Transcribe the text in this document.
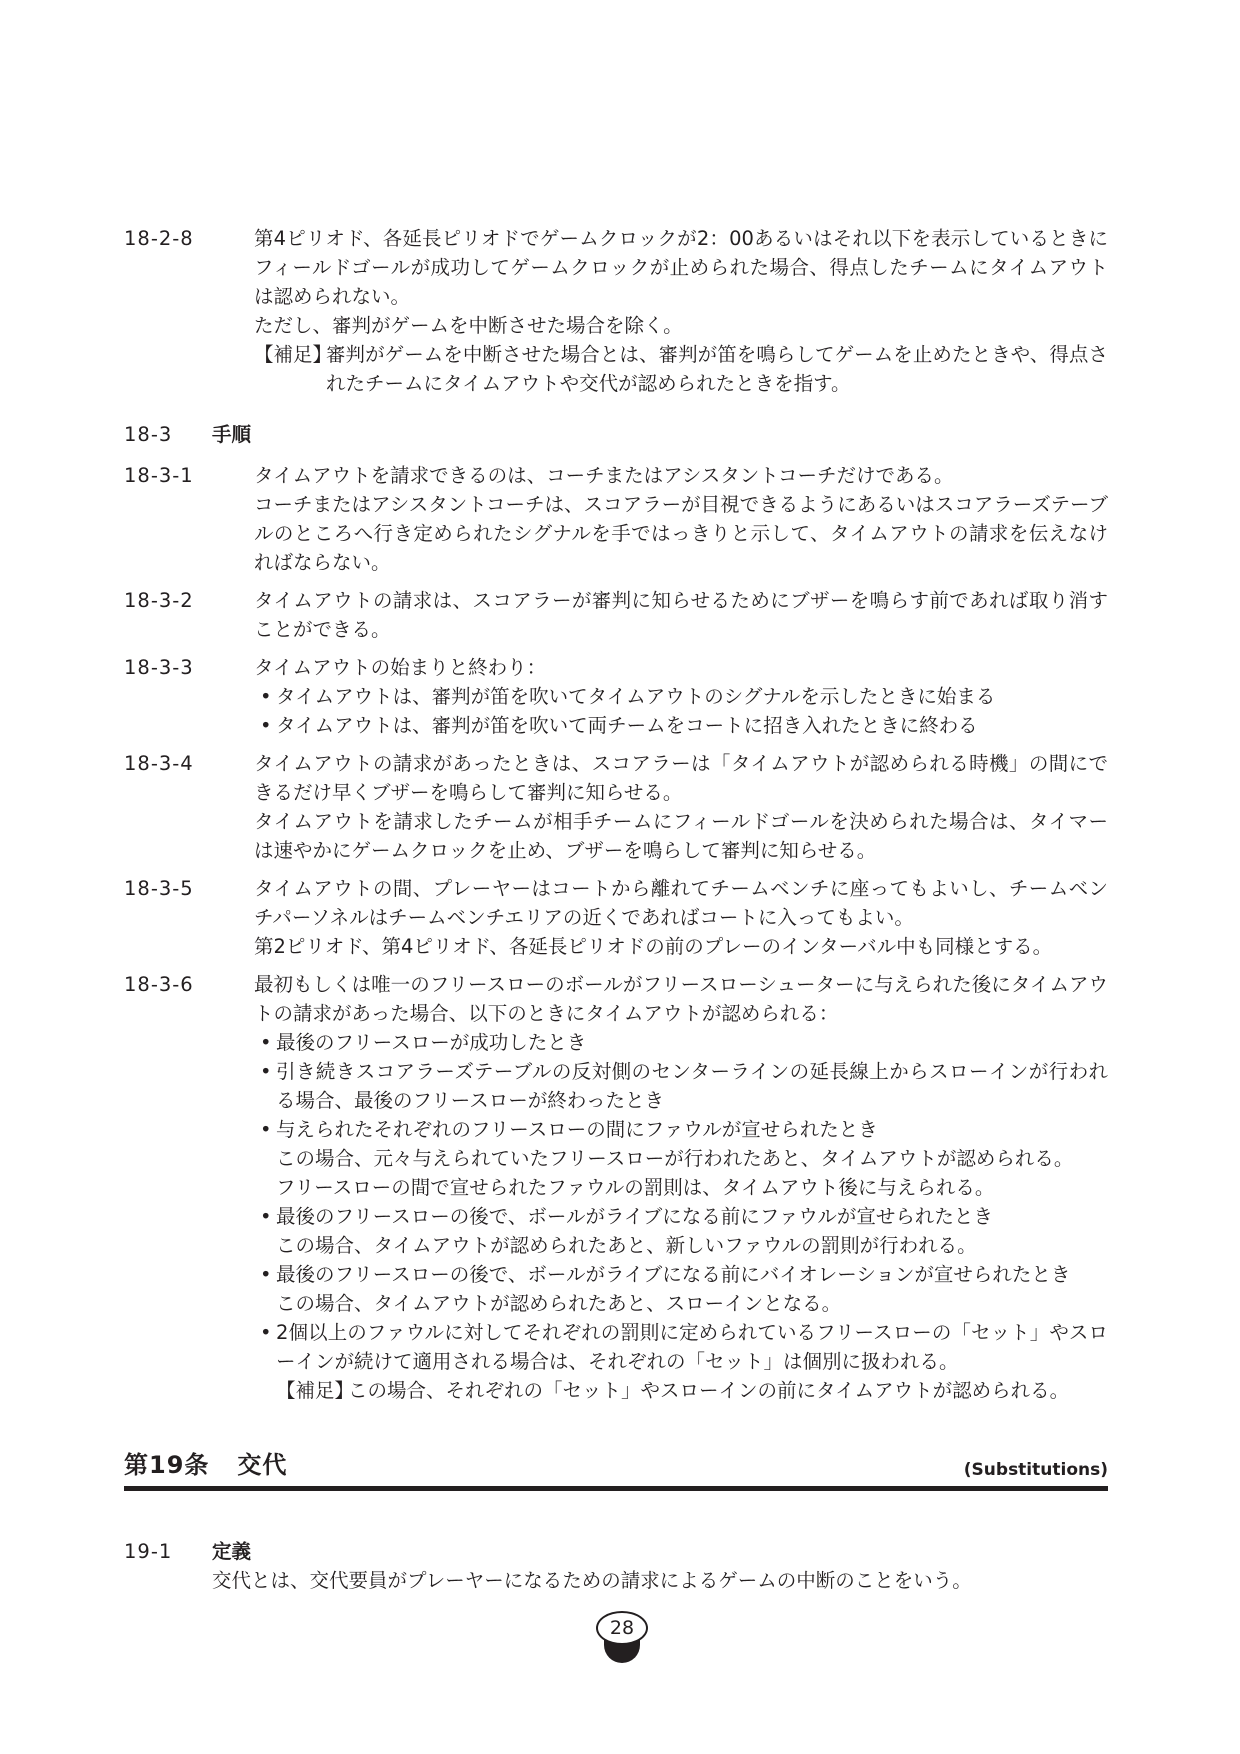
18-2-8	第4ピリオド、各延長ピリオドでゲームクロックが2：00あるいはそれ以下を表示しているときにフィールドゴールが成功してゲームクロックが止められた場合、得点したチームにタイムアウトは認められない。

ただし、審判がゲームを中断させた場合を除く。

【補足】
審判がゲームを中断させた場合とは、審判が笛を鳴らしてゲームを止めたときや、得点されたチームにタイムアウトや交代が認められたときを指す。
18-3	手順
18-3-1	タイムアウトを請求できるのは、コーチまたはアシスタントコーチだけである。

コーチまたはアシスタントコーチは、スコアラーが目視できるようにあるいはスコアラーズテーブルのところへ行き定められたシグナルを手ではっきりと示して、タイムアウトの請求を伝えなければならない。

18-3-2	タイムアウトの請求は、スコアラーが審判に知らせるためにブザーを鳴らす前であれば取り消すことができる。

18-3-3	タイムアウトの始まりと終わり：

• タイムアウトは、審判が笛を吹いてタイムアウトのシグナルを示したときに始まる
• タイムアウトは、審判が笛を吹いて両チームをコートに招き入れたときに終わる
18-3-4	タイムアウトの請求があったときは、スコアラーは「タイムアウトが認められる時機」の間にできるだけ早くブザーを鳴らして審判に知らせる。

タイムアウトを請求したチームが相手チームにフィールドゴールを決められた場合は、タイマーは速やかにゲームクロックを止め、ブザーを鳴らして審判に知らせる。

18-3-5	タイムアウトの間、プレーヤーはコートから離れてチームベンチに座ってもよいし、チームベンチパーソネルはチームベンチエリアの近くであればコートに入ってもよい。

第2ピリオド、第4ピリオド、各延長ピリオドの前のプレーのインターバル中も同様とする。

18-3-6	最初もしくは唯一のフリースローのボールがフリースローシューターに与えられた後にタイムアウトの請求があった場合、以下のときにタイムアウトが認められる：

• 最後のフリースローが成功したとき
• 引き続きスコアラーズテーブルの反対側のセンターラインの延長線上からスローインが行われる場合、最後のフリースローが終わったとき
• 与えられたそれぞれのフリースローの間にファウルが宣せられたとき
この場合、元々与えられていたフリースローが行われたあと、タイムアウトが認められる。
フリースローの間で宣せられたファウルの罰則は、タイムアウト後に与えられる。
• 最後のフリースローの後で、ボールがライブになる前にファウルが宣せられたとき
この場合、タイムアウトが認められたあと、新しいファウルの罰則が行われる。
• 最後のフリースローの後で、ボールがライブになる前にバイオレーションが宣せられたとき
この場合、タイムアウトが認められたあと、スローインとなる。
• 2個以上のファウルに対してそれぞれの罰則に定められているフリースローの「セット」やスローインが続けて適用される場合は、それぞれの「セット」は個別に扱われる。
【補足】
この場合、それぞれの「セット」やスローインの前にタイムアウトが認められる。
第19条 交代	(Substitutions)
19-1	定義
交代とは、交代要員がプレーヤーになるための請求によるゲームの中断のことをいう。
28
